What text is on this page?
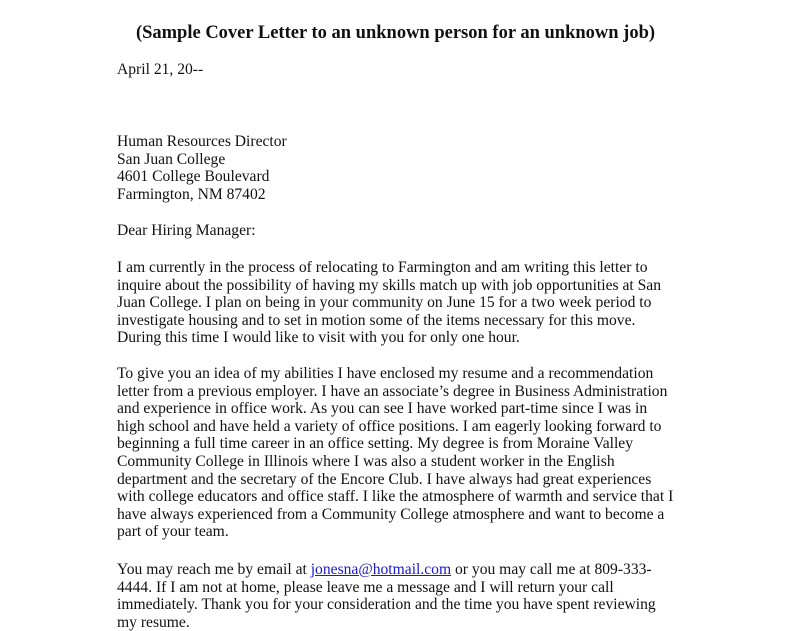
(Sample Cover Letter to an unknown person for an unknown job)
April 21, 20--
Human Resources Director
San Juan College
4601 College Boulevard
Farmington, NM 87402
Dear Hiring Manager:
I am currently in the process of relocating to Farmington and am writing this letter to
inquire about the possibility of having my skills match up with job opportunities at San
Juan College. I plan on being in your community on June 15 for a two week period to
investigate housing and to set in motion some of the items necessary for this move.
During this time I would like to visit with you for only one hour.
To give you an idea of my abilities I have enclosed my resume and a recommendation
letter from a previous employer. I have an associate’s degree in Business Administration
and experience in office work. As you can see I have worked part-time since I was in
high school and have held a variety of office positions. I am eagerly looking forward to
beginning a full time career in an office setting. My degree is from Moraine Valley
Community College in Illinois where I was also a student worker in the English
department and the secretary of the Encore Club. I have always had great experiences
with college educators and office staff. I like the atmosphere of warmth and service that I
have always experienced from a Community College atmosphere and want to become a
part of your team.
You may reach me by email at jonesna@hotmail.com or you may call me at 809-333-
4444. If I am not at home, please leave me a message and I will return your call
immediately. Thank you for your consideration and the time you have spent reviewing
my resume.
